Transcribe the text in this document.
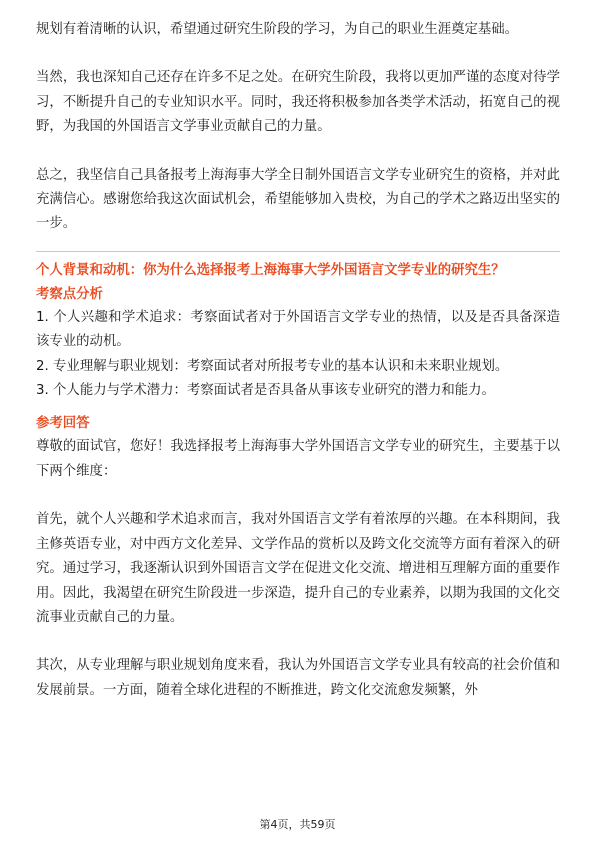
规划有着清晰的认识，希望通过研究生阶段的学习，为自己的职业生涯奠定基础。

当然，我也深知自己还存在许多不足之处。在研究生阶段，我将以更加严谨的态度对待学习，不断提升自己的专业知识水平。同时，我还将积极参加各类学术活动，拓宽自己的视野，为我国的外国语言文学事业贡献自己的力量。

总之，我坚信自己具备报考上海海事大学全日制外国语言文学专业研究生的资格，并对此充满信心。感谢您给我这次面试机会，希望能够加入贵校，为自己的学术之路迈出坚实的一步。

个人背景和动机：你为什么选择报考上海海事大学外国语言文学专业的研究生？
考察点分析

1. 个人兴趣和学术追求：考察面试者对于外国语言文学专业的热情，以及是否具备深造该专业的动机。

2. 专业理解与职业规划：考察面试者对所报考专业的基本认识和未来职业规划。

3. 个人能力与学术潜力：考察面试者是否具备从事该专业研究的潜力和能力。

参考回答

尊敬的面试官，您好！我选择报考上海海事大学外国语言文学专业的研究生，主要基于以下两个维度：

首先，就个人兴趣和学术追求而言，我对外国语言文学有着浓厚的兴趣。在本科期间，我主修英语专业，对中西方文化差异、文学作品的赏析以及跨文化交流等方面有着深入的研究。通过学习，我逐渐认识到外国语言文学在促进文化交流、增进相互理解方面的重要作用。因此，我渴望在研究生阶段进一步深造，提升自己的专业素养，以期为我国的文化交流事业贡献自己的力量。

其次，从专业理解与职业规划角度来看，我认为外国语言文学专业具有较高的社会价值和发展前景。一方面，随着全球化进程的不断推进，跨文化交流愈发频繁，外

第4页，共59页
